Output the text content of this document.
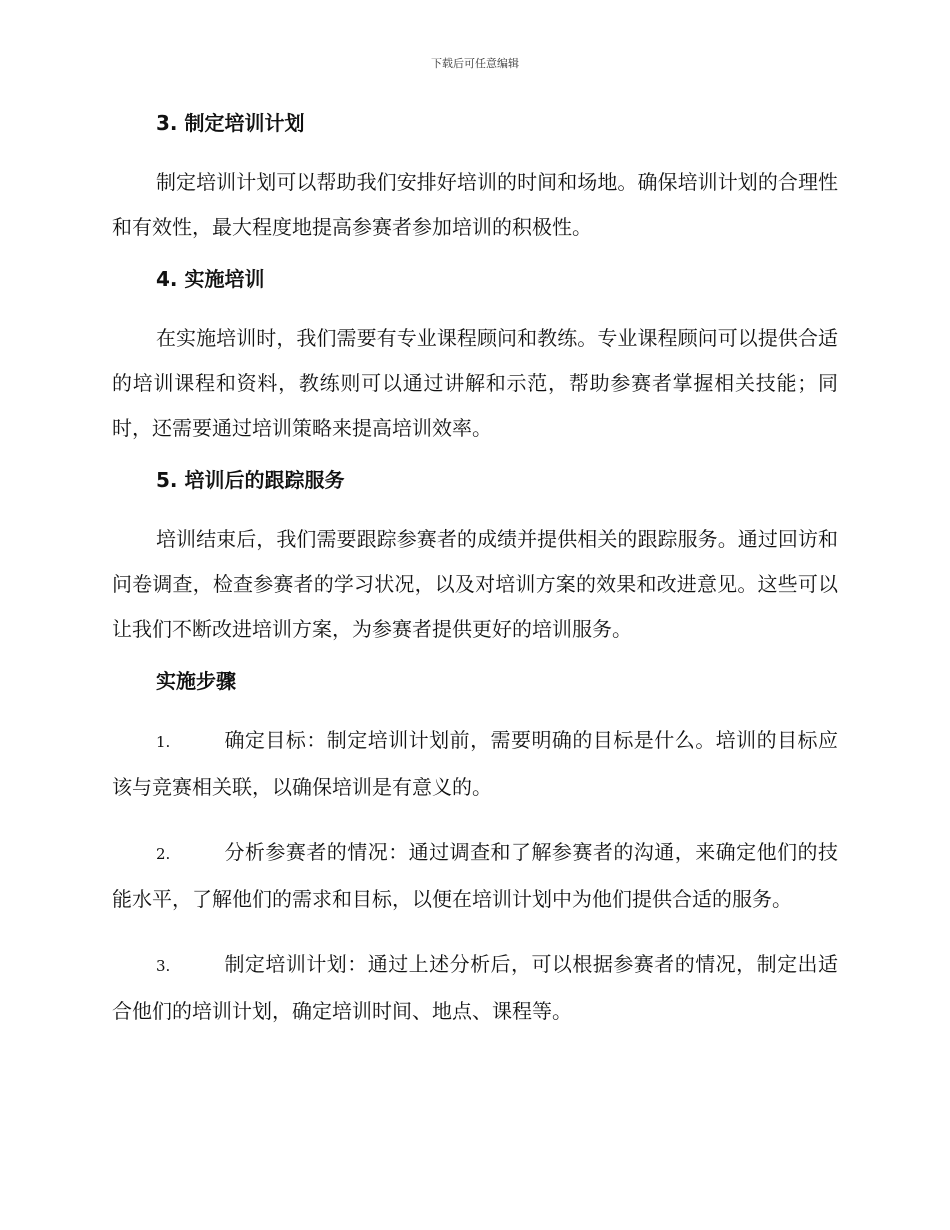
下载后可任意编辑
3. 制定培训计划

制定培训计划可以帮助我们安排好培训的时间和场地。确保培训计划的合理性和有效性，最大程度地提高参赛者参加培训的积极性。

4. 实施培训

在实施培训时，我们需要有专业课程顾问和教练。专业课程顾问可以提供合适的培训课程和资料，教练则可以通过讲解和示范，帮助参赛者掌握相关技能；同时，还需要通过培训策略来提高培训效率。

5. 培训后的跟踪服务

培训结束后，我们需要跟踪参赛者的成绩并提供相关的跟踪服务。通过回访和问卷调查，检查参赛者的学习状况，以及对培训方案的效果和改进意见。这些可以让我们不断改进培训方案，为参赛者提供更好的培训服务。

实施步骤

1.	确定目标：制定培训计划前，需要明确的目标是什么。培训的目标应该与竞赛相关联，以确保培训是有意义的。

2.	分析参赛者的情况：通过调查和了解参赛者的沟通，来确定他们的技能水平，了解他们的需求和目标，以便在培训计划中为他们提供合适的服务。

3.	制定培训计划：通过上述分析后，可以根据参赛者的情况，制定出适合他们的培训计划，确定培训时间、地点、课程等。
